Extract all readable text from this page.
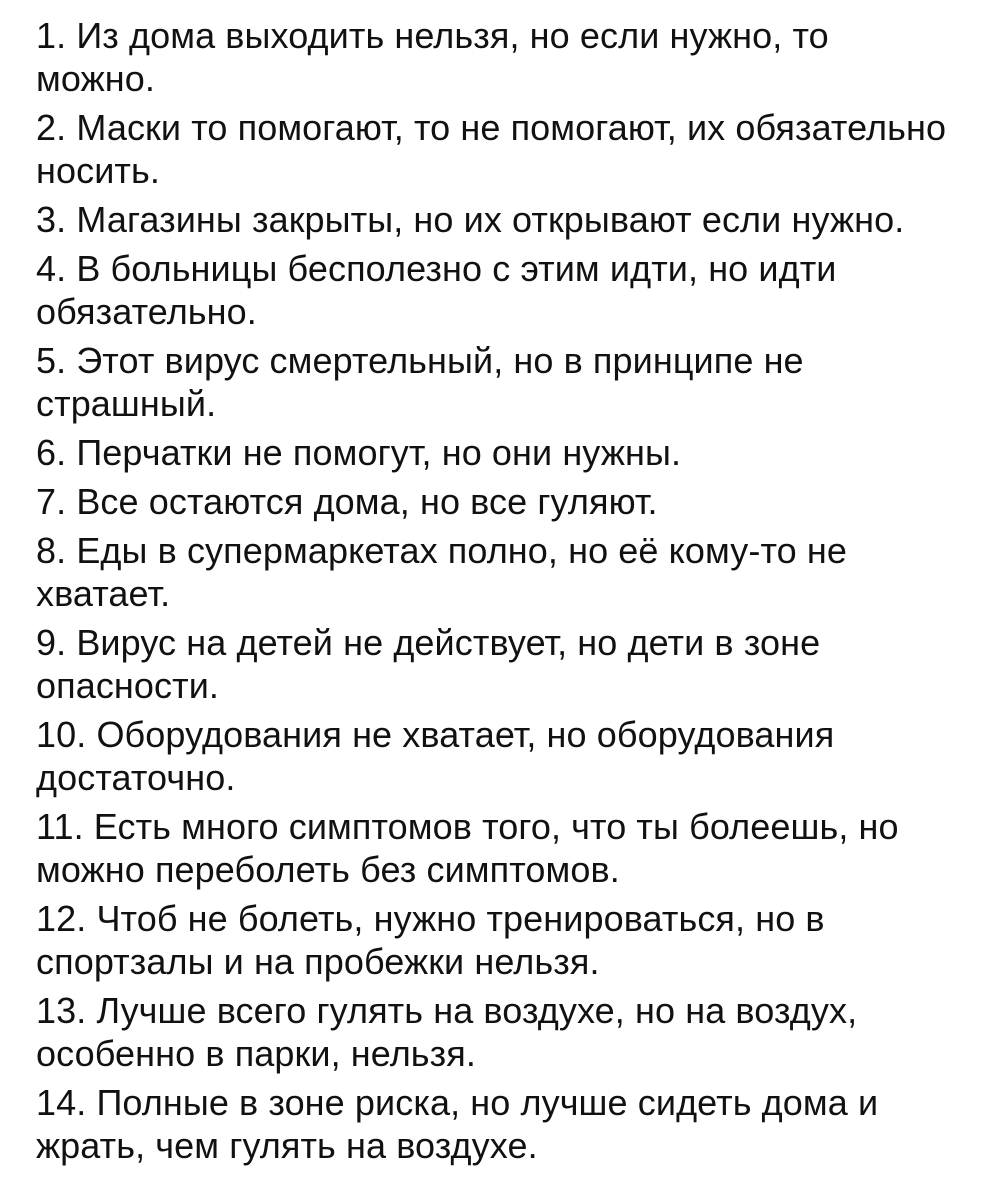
1. Из дома выходить нельзя, но если нужно, то можно.

2. Маски то помогают, то не помогают, их обязательно носить.

3. Магазины закрыты, но их открывают если нужно.

4. В больницы бесполезно с этим идти, но идти обязательно.

5. Этот вирус смертельный, но в принципе не страшный.

6. Перчатки не помогут, но они нужны.

7. Все остаются дома, но все гуляют.

8. Еды в супермаркетах полно, но её кому-то не хватает.

9. Вирус на детей не действует, но дети в зоне опасности.

10. Оборудования не хватает, но оборудования достаточно.

11. Есть много симптомов того, что ты болеешь, но можно переболеть без симптомов.

12. Чтоб не болеть, нужно тренироваться, но в спортзалы и на пробежки нельзя.

13. Лучше всего гулять на воздухе, но на воздух, особенно в парки, нельзя.

14. Полные в зоне риска, но лучше сидеть дома и жрать, чем гулять на воздухе.
